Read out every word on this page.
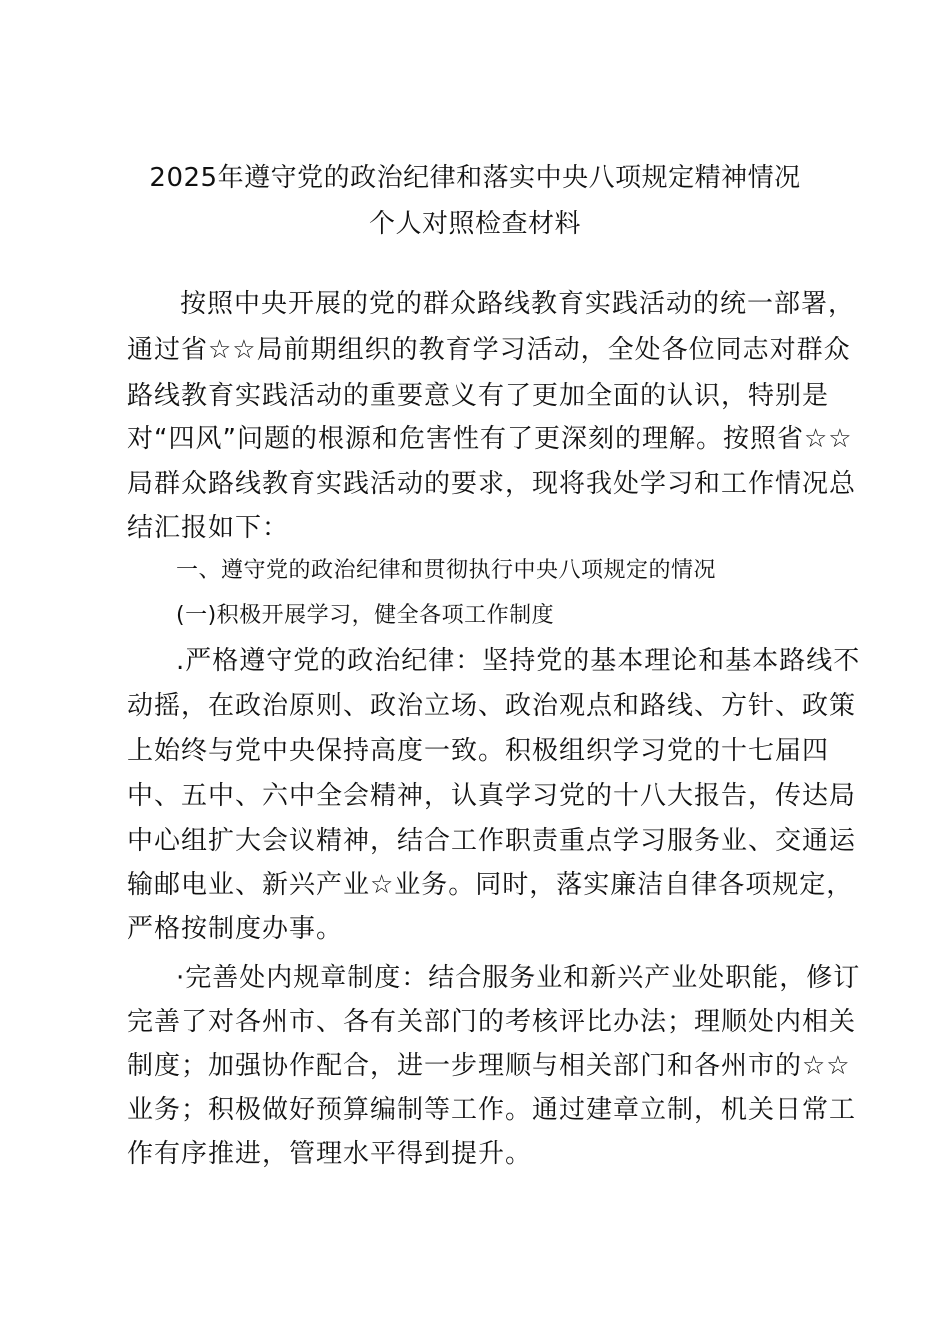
2025年遵守党的政治纪律和落实中央八项规定精神情况
个人对照检查材料
按照中央开展的党的群众路线教育实践活动的统一部署，
通过省☆☆局前期组织的教育学习活动，全处各位同志对群众
路线教育实践活动的重要意义有了更加全面的认识，特别是
对“四风”问题的根源和危害性有了更深刻的理解。按照省☆☆
局群众路线教育实践活动的要求，现将我处学习和工作情况总
结汇报如下：
一、遵守党的政治纪律和贯彻执行中央八项规定的情况
(一)积极开展学习，健全各项工作制度
.严格遵守党的政治纪律：坚持党的基本理论和基本路线不
动摇，在政治原则、政治立场、政治观点和路线、方针、政策
上始终与党中央保持高度一致。积极组织学习党的十七届四
中、五中、六中全会精神，认真学习党的十八大报告，传达局
中心组扩大会议精神，结合工作职责重点学习服务业、交通运
输邮电业、新兴产业☆业务。同时，落实廉洁自律各项规定，
严格按制度办事。
·完善处内规章制度：结合服务业和新兴产业处职能，修订
完善了对各州市、各有关部门的考核评比办法；理顺处内相关
制度；加强协作配合，进一步理顺与相关部门和各州市的☆☆
业务；积极做好预算编制等工作。通过建章立制，机关日常工
作有序推进，管理水平得到提升。
